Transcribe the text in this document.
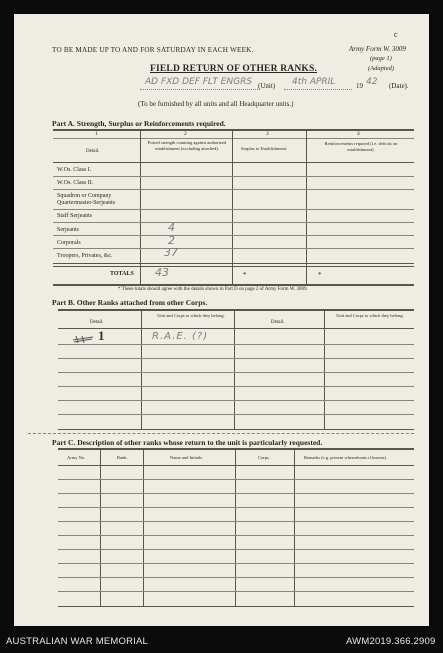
c
TO BE MADE UP TO AND FOR SATURDAY IN EACH WEEK.	Army Form W. 3009
(page 1)
(Adapted)
FIELD RETURN OF OTHER RANKS.
AD FXD DEF FLT ENGRS (Unit) 4th APRIL	19 42 (Date).
(To be furnished by all units and all Headquarter units.)
Part A. Strength, Surplus or Reinforcements required.
1	2	3	4
Detail.
Posted strength counting against authorized establishment (excluding attached).	Surplus to Establishment.
Reinforcements required (i.e. deficits on establishment).
W.Os. Class I.
W.Os. Class II.
Squadron or Company Quartermaster-Serjeants
Staff Serjeants
Serjeants	4
Corporals	2
Troopers, Privates, &c.	37
TOTALS 43	*	*
* These totals should agree with the details shown in Part D on page 2 of Army Form W. 3009.
Part B. Other Ranks attached from other Corps.
Detail.
Unit and Corps to which they belong.
Detail.
Unit and Corps to which they belong.
1	R.A.E. (?)
Part C. Description of other ranks whose return to the unit is particularly requested.
Army No.	Rank.	Name and Initials.	Corps.	Remarks (e.g. present whereabouts if known).
AUSTRALIAN WAR MEMORIAL	AWM2019.366.2909
